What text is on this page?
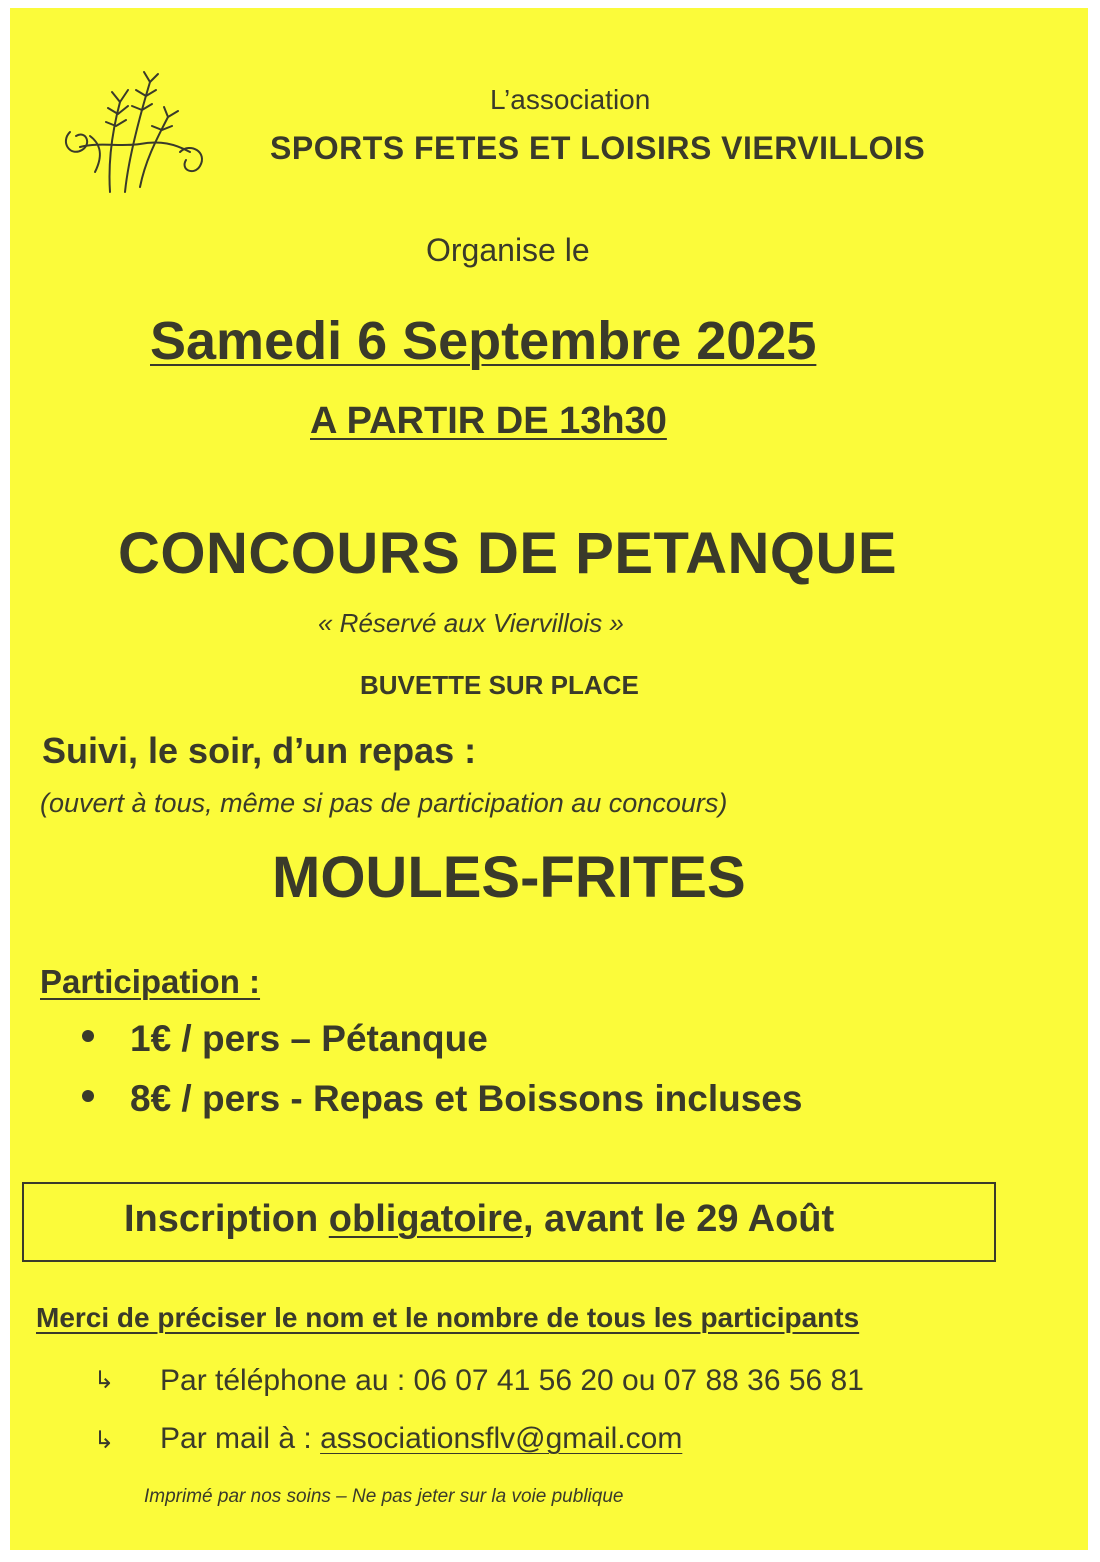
L’association
SPORTS FETES ET LOISIRS VIERVILLOIS
Organise le
Samedi 6 Septembre 2025
A PARTIR DE 13h30
CONCOURS DE PETANQUE
« Réservé aux Viervillois »
BUVETTE SUR PLACE
Suivi, le soir, d’un repas :
(ouvert à tous, même si pas de participation au concours)
MOULES-FRITES
Participation :
1€ / pers – Pétanque
8€ / pers - Repas et Boissons incluses
Inscription obligatoire, avant le 29 Août
Merci de préciser le nom et le nombre de tous les participants
↳ Par téléphone au : 06 07 41 56 20 ou 07 88 36 56 81
↳ Par mail à : associationsflv@gmail.com
Imprimé par nos soins – Ne pas jeter sur la voie publique
